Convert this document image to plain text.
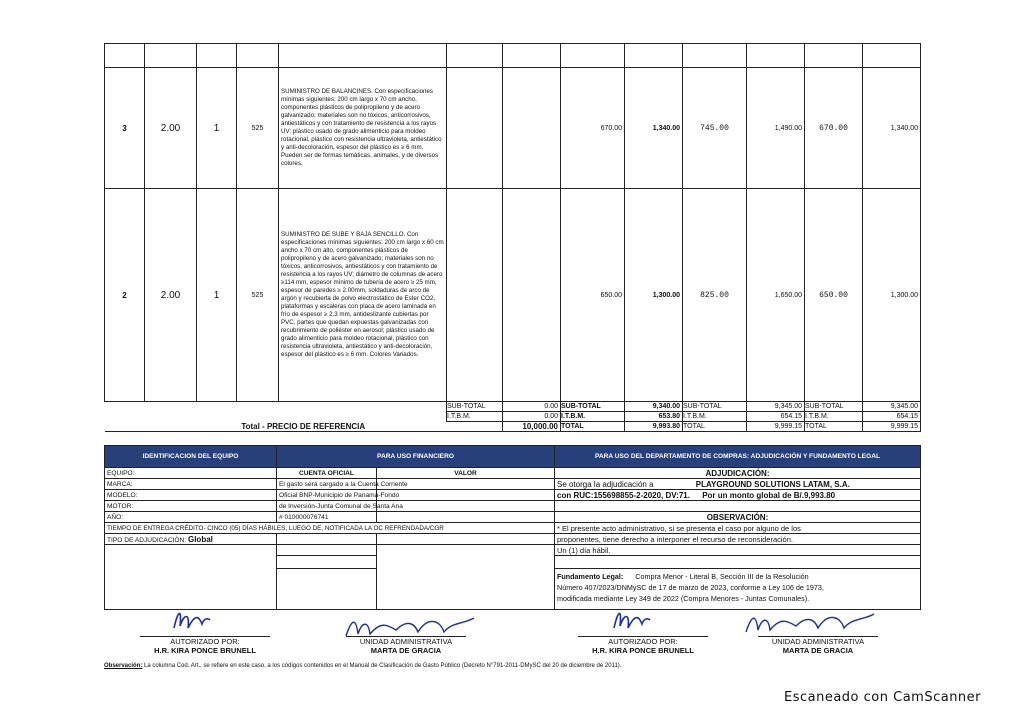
3	2.00	1	525	SUMINISTRO DE BALANCINES. Con especificaciones mínimas siguientes: 200 cm largo x 70 cm ancho, componentes plásticos de polipropileno y de acero galvanizado; materiales son no tóxicos, anticorrosivos, antiestáticos y con tratamiento de resistencia a los rayos UV; plástico usado de grado alimenticio para moldeo rotacional, plástico con resistencia ultravioleta, antiestático y anti-decoloración, espesor del plástico es ≥ 6 mm. Pueden ser de formas temáticas, animales, y de diversos colores.			670.00	1,340.00	745.00	1,490.00	670.00	1,340.00
2	2.00	1	525	SUMINISTRO DE SUBE Y BAJA SENCILLO. Con especificaciones mínimas siguientes: 200 cm largo x 60 cm ancho x 70 cm alto, componentes plásticos de polipropileno y de acero galvanizado; materiales son no tóxicos, anticorrosivos, antiestáticos y con tratamiento de resistencia a los rayos UV; diámetro de columnas de acero ≥114 mm, espesor mínimo de tubería de acero ≥ 25 mm, espesor de paredes ≥ 2.00mm, soldaduras de arco de argón y recubierta de polvo electrostático de Ester CO2, plataformas y escaleras con placa de acero laminada en frío de espesor ≥ 2.3 mm, antideslizante cubiertas por PVC, partes que quedan expuestas galvanizadas con recubrimiento de poliéster en aerosol; plástico usado de grado alimenticio para moldeo rotacional, plástico con resistencia ultravioleta, antiestático y anti-decoloración, espesor del plástico es ≥ 6 mm. Colores Variados.			650.00	1,300.00	825.00	1,650.00	650.00	1,300.00
					SUB-TOTAL	0.00	SUB-TOTAL	9,340.00	SUB-TOTAL	9,345.00	SUB-TOTAL	9,345.00
					I.T.B.M.	0.00	I.T.B.M.	653.80	I.T.B.M.	654.15	I.T.B.M.	654.15
Total - PRECIO DE REFERENCIA						10,000.00	TOTAL	9,993.80	TOTAL	9,999.15	TOTAL	9,999.15
IDENTIFICACION DEL EQUIPO	PARA USO FINANCIERO		PARA USO DEL DEPARTAMENTO DE COMPRAS: ADJUDICACIÓN Y FUNDAMENTO LEGAL
EQUIPO:	CUENTA OFICIAL	VALOR	ADJUDICACIÓN:
MARCA:	El gasto será cargado a la Cuenta Corriente		Se otorga la adjudicación a PLAYGROUND SOLUTIONS LATAM, S.A.
MODELO:	Oficial BNP-Municipio de Panamá-Fondo		con RUC:155698855-2-2020, DV:71. Por un monto global de B/.9,993.80
MOTOR:	de Inversión-Junta Comunal de Santa Ana		
AÑO:	# 010000076741		OBSERVACIÓN:
TIEMPO DE ENTREGA CRÉDITO- CINCO (05) DÍAS HÁBILES, LUEGO DE, NOTIFICADA LA OC REFRENDADA/CGR			* El presente acto administrativo, si se presenta el caso por alguno de los
TIPO DE ADJUDICACIÓN: Global			proponentes, tiene derecho a interponer el recurso de reconsideración.
			Un (1) día hábil.

			Fundamento Legal: Compra Menor - Literal B, Sección III de la Resolución
Número 407/2023/DNMySC de 17 de marzo de 2023, conforme a Ley 106 de 1973,
modificada mediante Ley 349 de 2022 (Compra Menores - Juntas Comunales).
AUTORIZADO POR:
H.R. KIRA PONCE BRUNELL
UNIDAD ADMINISTRATIVA
MARTA DE GRACIA
AUTORIZADO POR:
H.R. KIRA PONCE BRUNELL
UNIDAD ADMINISTRATIVA
MARTA DE GRACIA
Observación: La columna Cod. Art., se refiere en este caso, a los códigos contenidos en el Manual de Clasificación de Gasto Público (Decreto N°791-2011-DMySC del 20 de diciembre de 2011).
Escaneado con CamScanner
